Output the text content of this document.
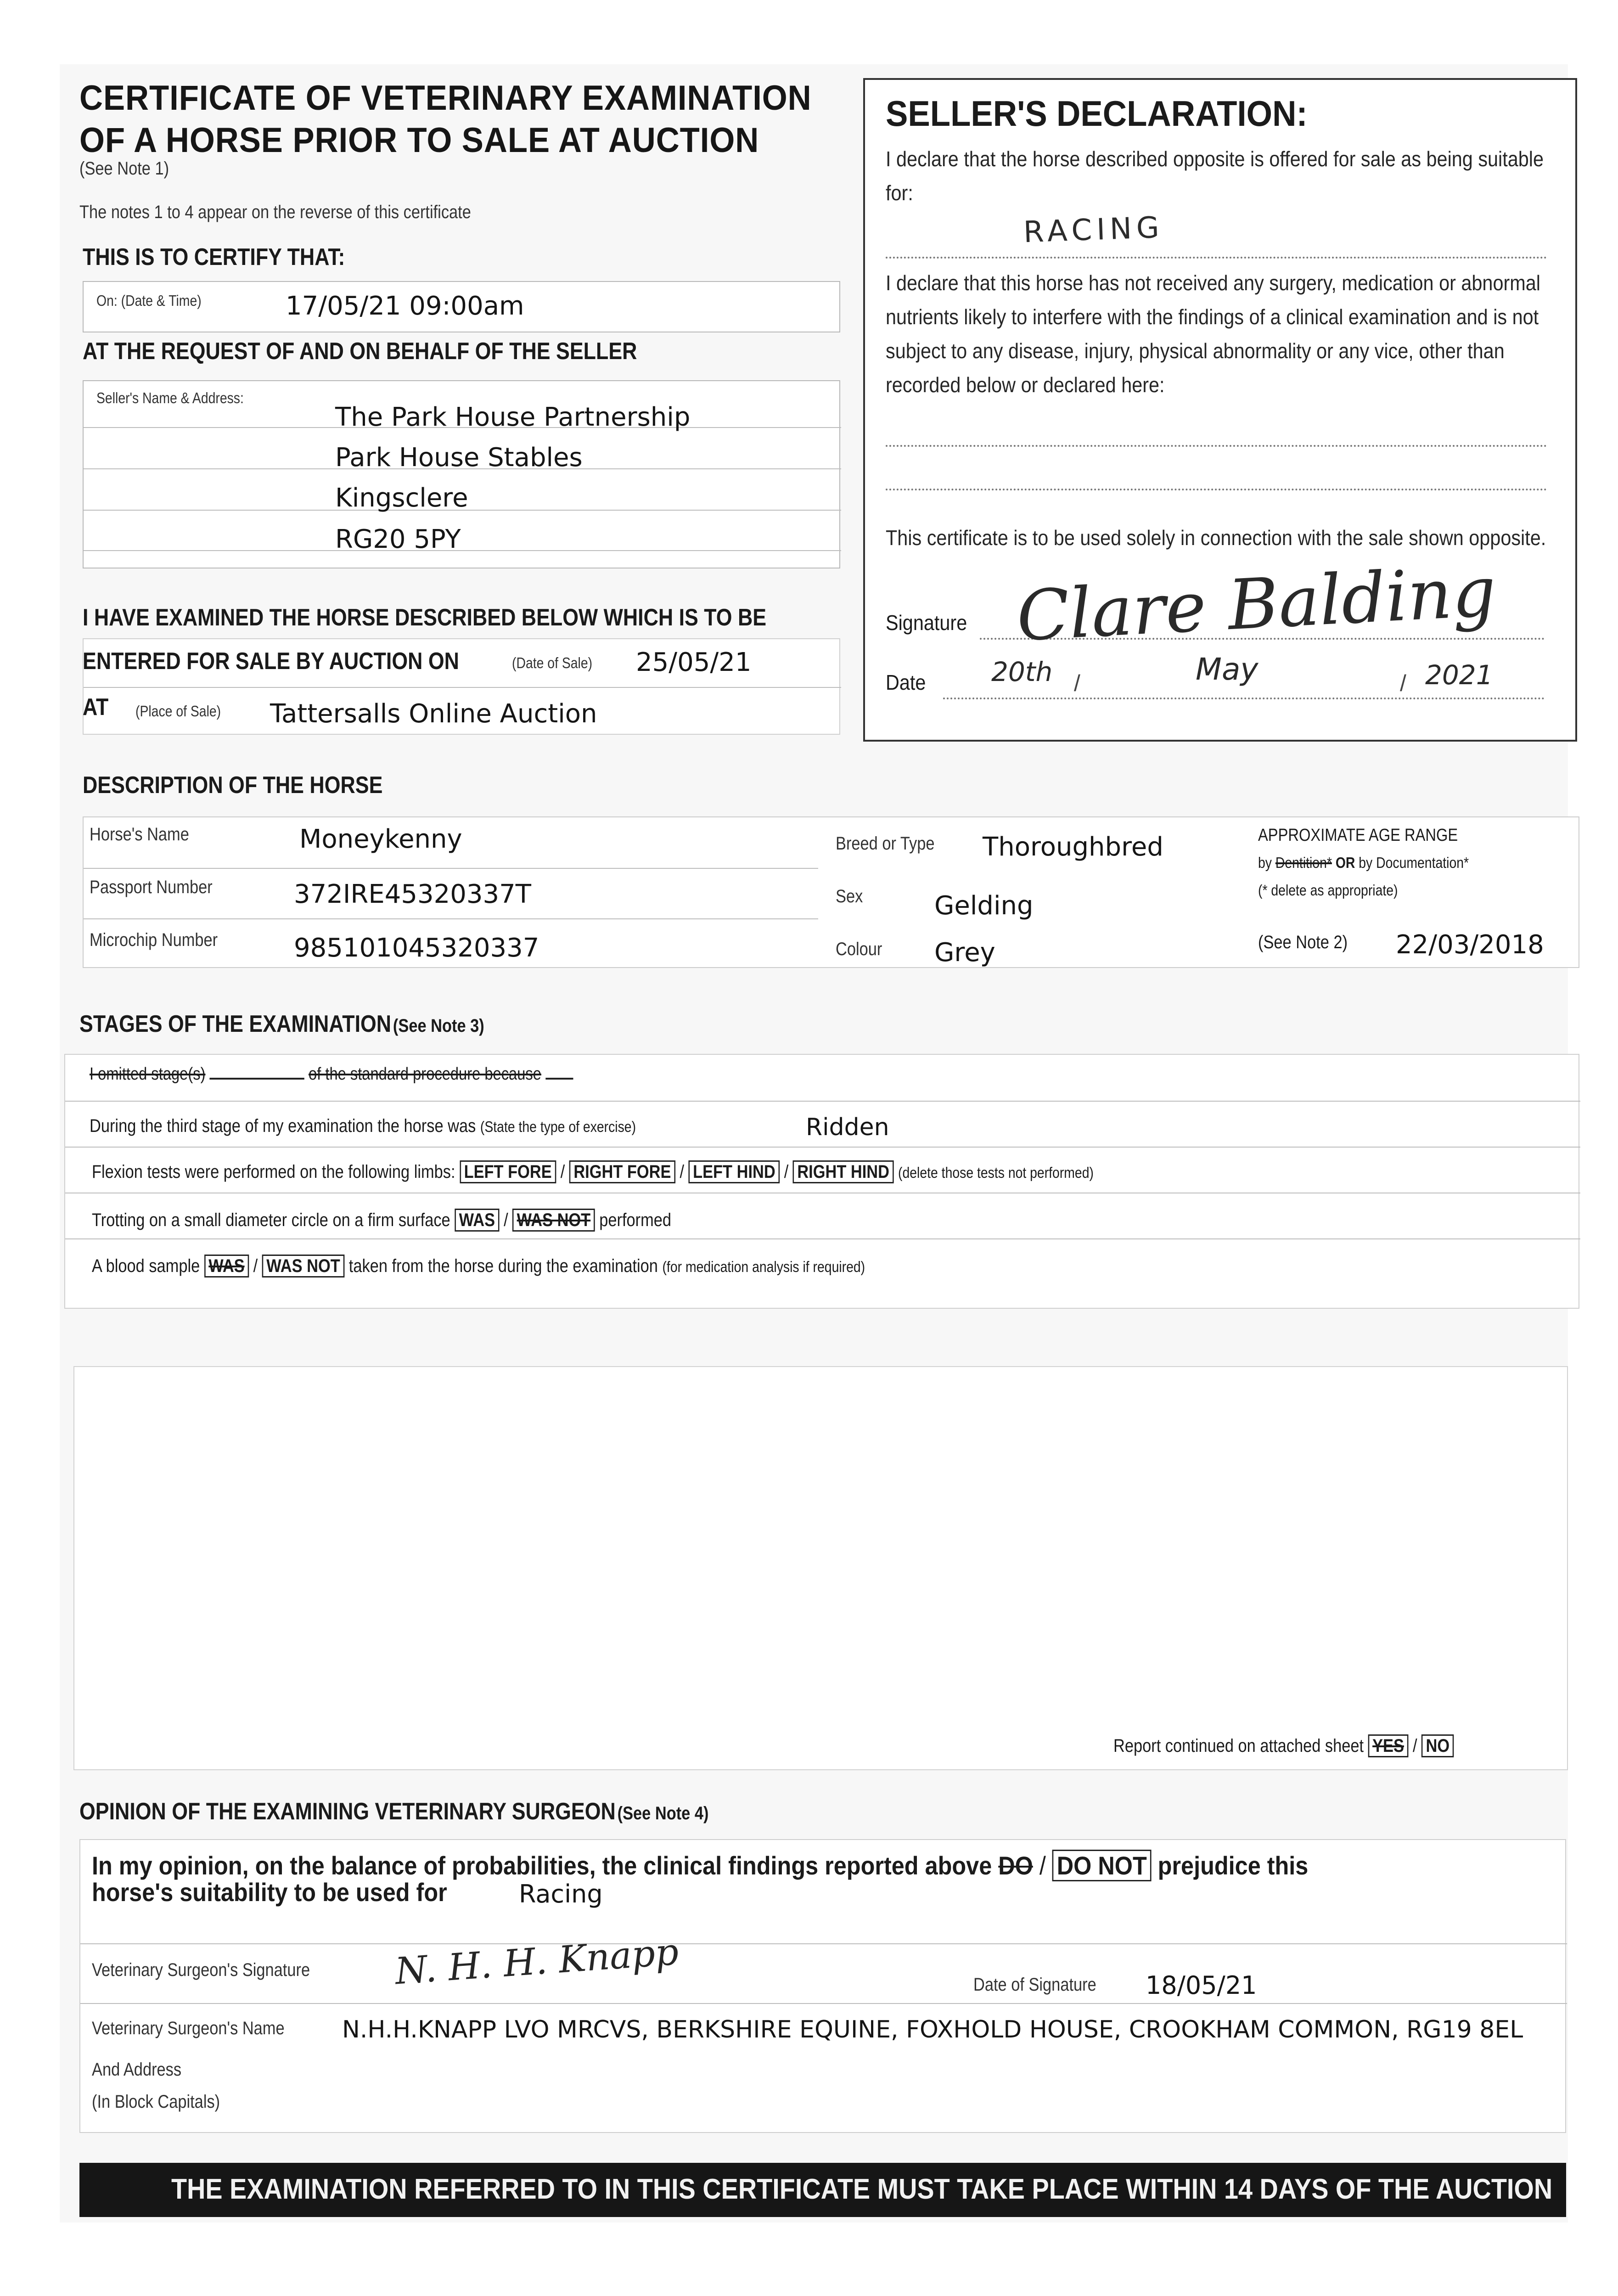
CERTIFICATE OF VETERINARY EXAMINATION
OF A HORSE PRIOR TO SALE AT AUCTION
(See Note 1)
The notes 1 to 4 appear on the reverse of this certificate
THIS IS TO CERTIFY THAT:
On: (Date & Time)	17/05/21 09:00am
AT THE REQUEST OF AND ON BEHALF OF THE SELLER
Seller's Name & Address:
The Park House Partnership
Park House Stables
Kingsclere
RG20 5PY
I HAVE EXAMINED THE HORSE DESCRIBED BELOW WHICH IS TO BE
ENTERED FOR SALE BY AUCTION ON	(Date of Sale) 25/05/21
AT (Place of Sale) Tattersalls Online Auction
SELLER'S DECLARATION:
I declare that the horse described opposite is offered for sale as being suitable for:
RACING
I declare that this horse has not received any surgery, medication or abnormal nutrients likely to interfere with the findings of a clinical examination and is not subject to any disease, injury, physical abnormality or any vice, other than recorded below or declared here:
This certificate is to be used solely in connection with the sale shown opposite.
Signature Clare Balding
Date 20th /	May	/ 2021
DESCRIPTION OF THE HORSE
Horse's Name	Moneykenny
Passport Number	372IRE45320337T
Microchip Number	985101045320337
Breed or Type Thoroughbred
Sex	Gelding
Colour Grey
APPROXIMATE AGE RANGE
by Dentition* OR by Documentation*
(* delete as appropriate)
(See Note 2) 22/03/2018
STAGES OF THE EXAMINATION (See Note 3)
I omitted stage(s)	of the standard procedure because
During the third stage of my examination the horse was (State the type of exercise)	Ridden
Flexion tests were performed on the following limbs: LEFT FORE / RIGHT FORE / LEFT HIND / RIGHT HIND (delete those tests not performed)
Trotting on a small diameter circle on a firm surface WAS / WAS NOT performed
A blood sample WAS / WAS NOT taken from the horse during the examination (for medication analysis if required)
Report continued on attached sheet YES / NO
OPINION OF THE EXAMINING VETERINARY SURGEON (See Note 4)
In my opinion, on the balance of probabilities, the clinical findings reported above DO / DO NOT prejudice this
horse's suitability to be used for	Racing
Veterinary Surgeon's Signature N. H. H. Knapp	Date of Signature 18/05/21
Veterinary Surgeon's Name N.H.H.KNAPP LVO MRCVS, BERKSHIRE EQUINE, FOXHOLD HOUSE, CROOKHAM COMMON, RG19 8EL
And Address
(In Block Capitals)
THE EXAMINATION REFERRED TO IN THIS CERTIFICATE MUST TAKE PLACE WITHIN 14 DAYS OF THE AUCTION
